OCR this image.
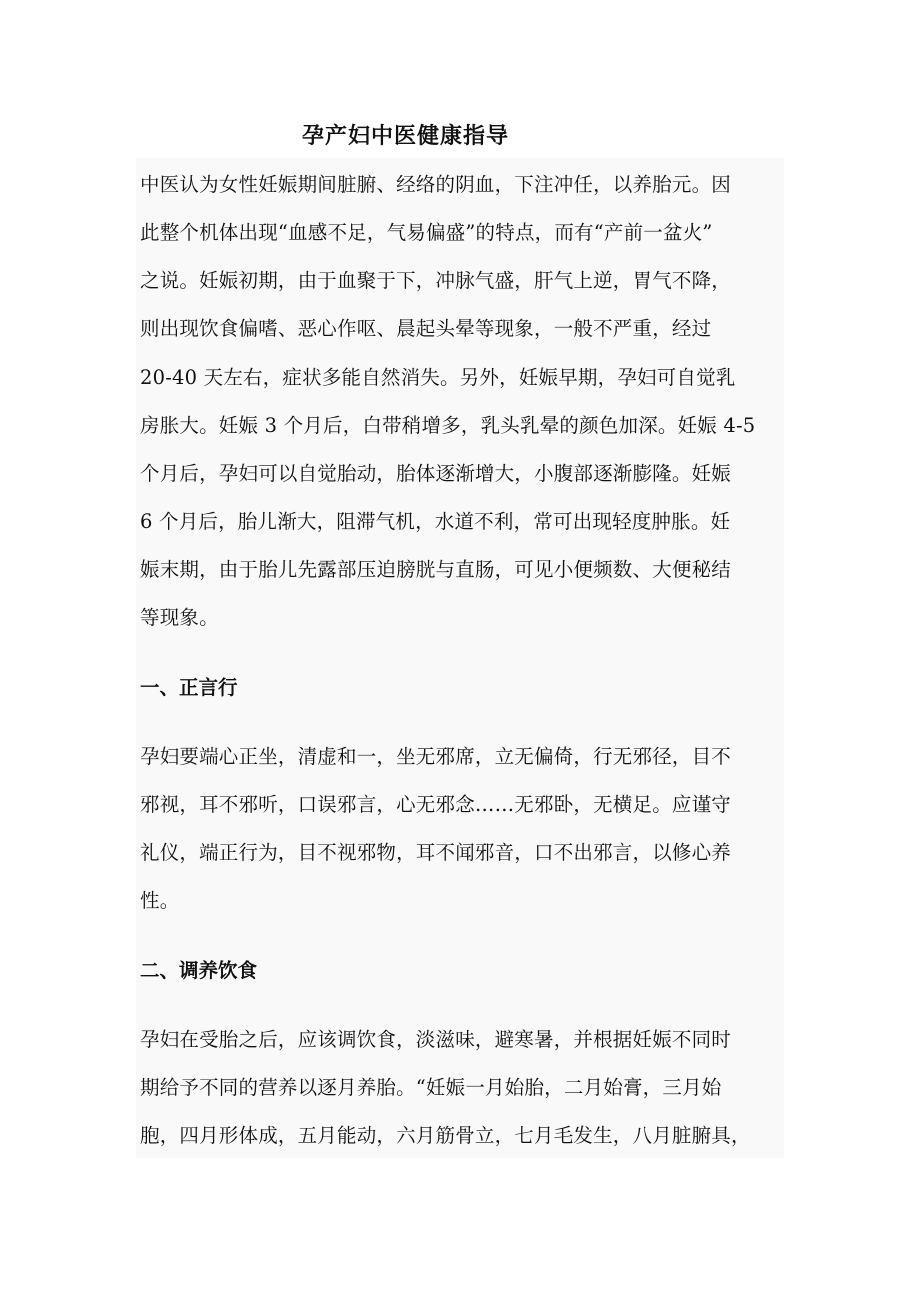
孕产妇中医健康指导
中医认为女性妊娠期间脏腑、经络的阴血，下注冲任，以养胎元。因
此整个机体出现“血感不足，气易偏盛”的特点，而有“产前一盆火”
之说。妊娠初期，由于血聚于下，冲脉气盛，肝气上逆，胃气不降，
则出现饮食偏嗜、恶心作呕、晨起头晕等现象，一般不严重，经过
20-40 天左右，症状多能自然消失。另外，妊娠早期，孕妇可自觉乳
房胀大。妊娠 3 个月后，白带稍增多，乳头乳晕的颜色加深。妊娠 4-5
个月后，孕妇可以自觉胎动，胎体逐渐增大，小腹部逐渐膨隆。妊娠
6 个月后，胎儿渐大，阻滞气机，水道不利，常可出现轻度肿胀。妊
娠末期，由于胎儿先露部压迫膀胱与直肠，可见小便频数、大便秘结
等现象。
一、正言行
孕妇要端心正坐，清虚和一，坐无邪席，立无偏倚，行无邪径，目不
邪视，耳不邪听，口误邪言，心无邪念……无邪卧，无横足。应谨守
礼仪，端正行为，目不视邪物，耳不闻邪音，口不出邪言，以修心养
性。
二、调养饮食
孕妇在受胎之后，应该调饮食，淡滋味，避寒暑，并根据妊娠不同时
期给予不同的营养以逐月养胎。“妊娠一月始胎，二月始膏，三月始
胞，四月形体成，五月能动，六月筋骨立，七月毛发生，八月脏腑具，
